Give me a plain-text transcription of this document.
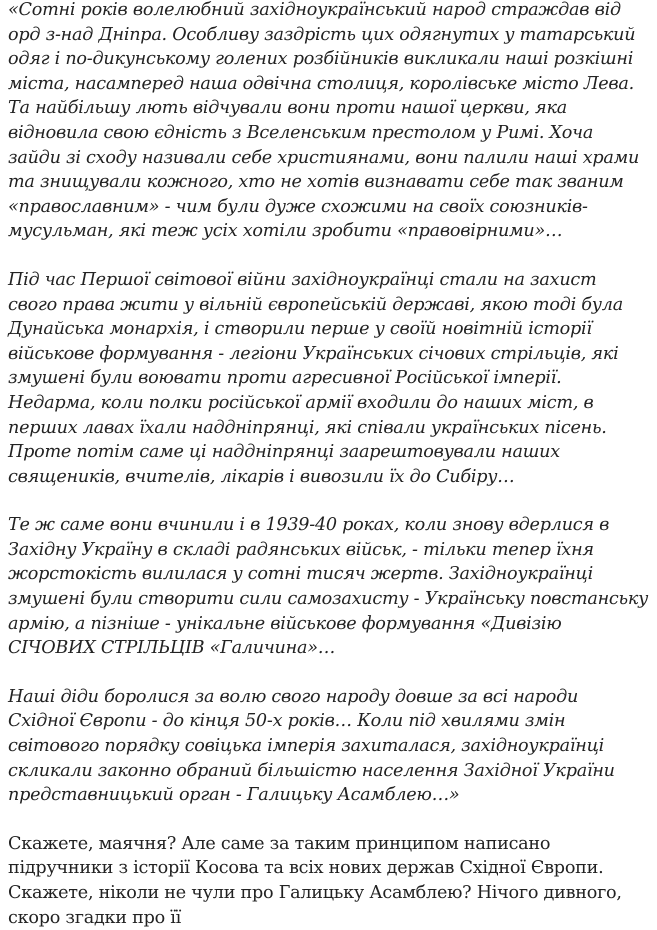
«Сотні років волелюбний західноукраїнський народ страждав від орд з-над Дніпра. Особливу заздрість цих одягнутих у татарський одяг і по-дикунському голених розбійників викликали наші розкішні міста, насамперед наша одвічна столиця, королівське місто Лева. Та найбільшу лють відчували вони проти нашої церкви, яка відновила свою єдність з Вселенським престолом у Римі. Хоча зайди зі сходу називали себе християнами, вони палили наші храми та знищували кожного, хто не хотів визнавати себе так званим «православним» - чим були дуже схожими на своїх союзників-мусульман, які теж усіх хотіли зробити «правовірними»…

Під час Першої світової війни західноукраїнці стали на захист свого права жити у вільній європейській державі, якою тоді була Дунайська монархія, і створили перше у своїй новітній історії військове формування - легіони Українських січових стрільців, які змушені були воювати проти агресивної Російської імперії. Недарма, коли полки російської армії входили до наших міст, в перших лавах їхали наддніпрянці, які співали українських пісень. Проте потім саме ці наддніпрянці заарештовували наших священиків, вчителів, лікарів і вивозили їх до Сибіру…

Те ж саме вони вчинили і в 1939-40 роках, коли знову вдерлися в Західну Україну в складі радянських військ, - тільки тепер їхня жорстокість вилилася у сотні тисяч жертв. Західноукраїнці змушені були створити сили самозахисту - Українську повстанську армію, а пізніше - унікальне військове формування «Дивізію СІЧОВИХ СТРІЛЬЦІВ «Галичина»…

Наші діди боролися за волю свого народу довше за всі народи Східної Європи - до кінця 50-х років… Коли під хвилями змін світового порядку совіцька імперія захиталася, західноукраїнці скликали законно обраний більшістю населення Західної України представницький орган - Галицьку Асамблею…»

Скажете, маячня? Але саме за таким принципом написано підручники з історії Косова та всіх нових держав Східної Європи. Скажете, ніколи не чули про Галицьку Асамблею? Нічого дивного, скоро згадки про її
